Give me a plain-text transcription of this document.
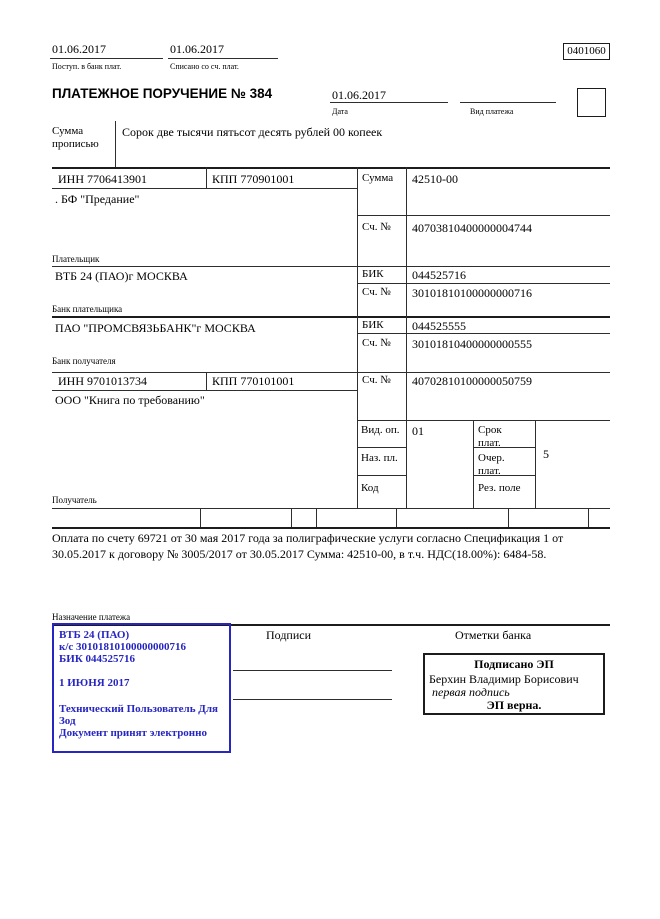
01.06.2017
Поступ. в банк плат.
01.06.2017
Списано со сч. плат.
0401060
ПЛАТЕЖНОЕ ПОРУЧЕНИЕ № 384	01.06.2017
Дата	Вид платежа
Сумма прописью
Сорок две тысячи пятьсот десять рублей 00 копеек
ИНН 7706413901	КПП 770901001	Сумма 42510-00
. БФ "Предание"
Сч. № 40703810400000004744
Плательщик
ВТБ 24 (ПАО)г МОСКВА	БИК 044525716
Сч. № 30101810100000000716
Банк плательщика
ПАО "ПРОМСВЯЗЬБАНК"г МОСКВА	БИК 044525555
Сч. № 30101810400000000555
Банк получателя
ИНН 9701013734	КПП 770101001	Сч. № 40702810100000050759
ООО "Книга по требованию"
Получатель
Вид. оп. 01	Срок плат.
Наз. пл.	Очер. плат.
5
Код	Рез. поле
Оплата по счету 69721 от 30 мая 2017 года за полиграфические услуги согласно Спецификация 1 от
30.05.2017 к договору № 3005/2017 от 30.05.2017 Сумма: 42510-00, в т.ч. НДС(18.00%): 6484-58.
Назначение платежа
ВТБ 24 (ПАО)
к/с 30101810100000000716
БИК 044525716
1 ИЮНЯ 2017
Технический Пользователь Для Зод
Документ принят электронно
Подписи	Отметки банка
Подписано ЭП
Берхин Владимир Борисович
первая подпись
ЭП верна.
